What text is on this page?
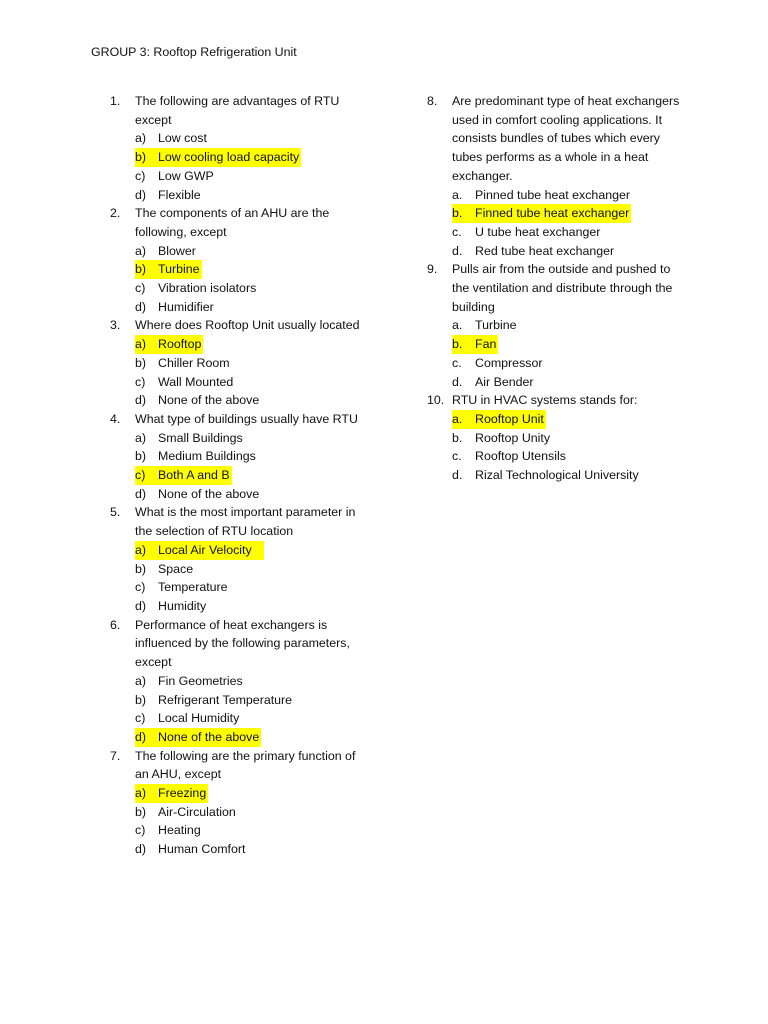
GROUP 3: Rooftop Refrigeration Unit
1.	The following are advantages of RTU except
a) Low cost
b) Low cooling load capacity
c)	Low GWP
d) Flexible
2.	The components of an AHU are the following, except
a) Blower
b) Turbine
c)	Vibration isolators
d) Humidifier
3.	Where does Rooftop Unit usually located
a) Rooftop
b) Chiller Room
c)	Wall Mounted
d) None of the above
4.	What type of buildings usually have RTU
a) Small Buildings
b) Medium Buildings
c)	Both A and B
d) None of the above
5.	What is the most important parameter in the selection of RTU location
a) Local Air Velocity
b) Space
c)	Temperature
d) Humidity
6.	Performance of heat exchangers is influenced by the following parameters, except
a) Fin Geometries
b) Refrigerant Temperature
c)	Local Humidity
d) None of the above
7.	The following are the primary function of an AHU, except
a) Freezing
b) Air-Circulation
c)	Heating
d) Human Comfort
8.	Are predominant type of heat exchangers used in comfort cooling applications. It consists bundles of tubes which every tubes performs as a whole in a heat exchanger.
a.	Pinned tube heat exchanger
b.	Finned tube heat exchanger
c.	U tube heat exchanger
d.	Red tube heat exchanger
9.	Pulls air from the outside and pushed to the ventilation and distribute through the building
a.	Turbine
b.	Fan
c.	Compressor
d.	Air Bender
10. RTU in HVAC systems stands for:
a.	Rooftop Unit
b.	Rooftop Unity
c.	Rooftop Utensils
d.	Rizal Technological University
